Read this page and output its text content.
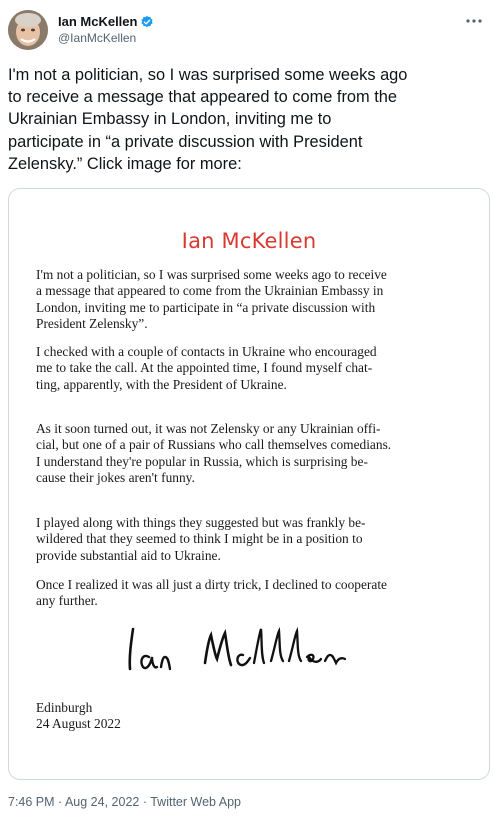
Ian McKellen
@IanMcKellen
I'm not a politician, so I was surprised some weeks ago
to receive a message that appeared to come from the
Ukrainian Embassy in London, inviting me to
participate in “a private discussion with President
Zelensky.” Click image for more:
Ian McKellen
I'm not a politician, so I was surprised some weeks ago to receive
a message that appeared to come from the Ukrainian Embassy in
London, inviting me to participate in “a private discussion with
President Zelensky”.
I checked with a couple of contacts in Ukraine who encouraged
me to take the call. At the appointed time, I found myself chat-
ting, apparently, with the President of Ukraine.
As it soon turned out, it was not Zelensky or any Ukrainian offi-
cial, but one of a pair of Russians who call themselves comedians.
I understand they're popular in Russia, which is surprising be-
cause their jokes aren't funny.
I played along with things they suggested but was frankly be-
wildered that they seemed to think I might be in a position to
provide substantial aid to Ukraine.
Once I realized it was all just a dirty trick, I declined to cooperate
any further.
Edinburgh
24 August 2022
7:46 PM · Aug 24, 2022 · Twitter Web App
